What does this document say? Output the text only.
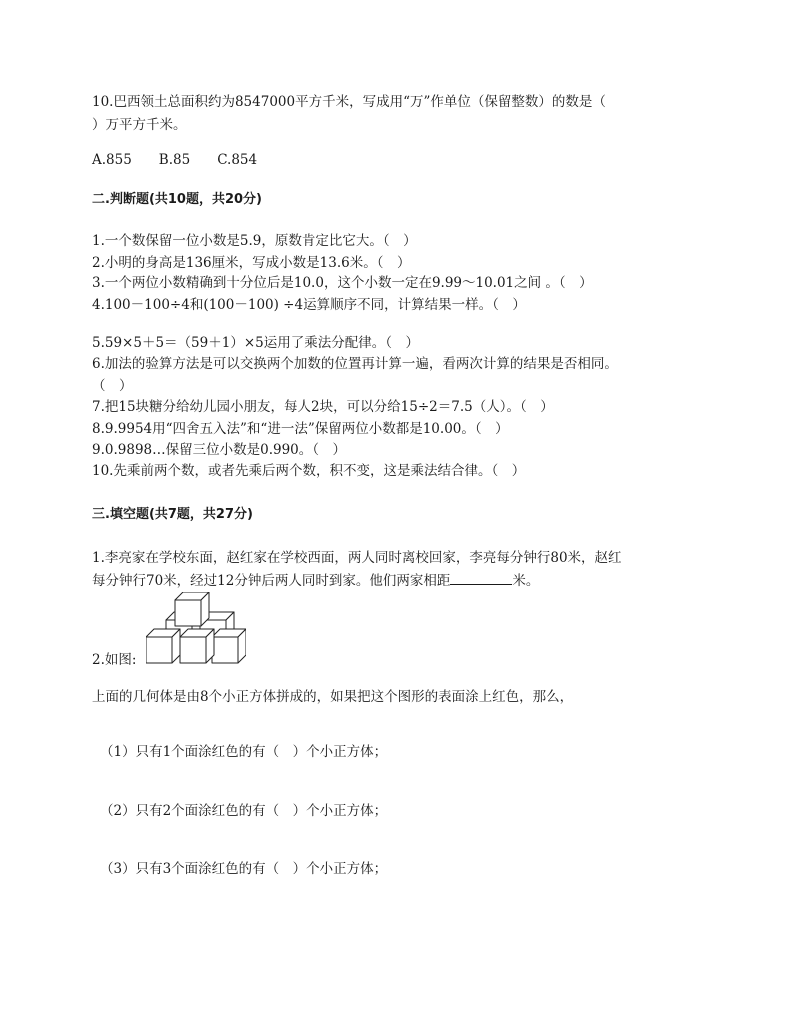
10.巴西领土总面积约为8547000平方千米，写成用“万”作单位（保留整数）的数是（
）万平方千米。
A.855　　B.85　　C.854
二.判断题(共10题，共20分)
1.一个数保留一位小数是5.9，原数肯定比它大。（　）
2.小明的身高是136厘米，写成小数是13.6米。（　）
3.一个两位小数精确到十分位后是10.0，这个小数一定在9.99～10.01之间 。（　）
4.100－100÷4和(100－100) ÷4运算顺序不同，计算结果一样。（　）
5.59×5＋5＝（59＋1）×5运用了乘法分配律。（　）
6.加法的验算方法是可以交换两个加数的位置再计算一遍，看两次计算的结果是否相同。
（　）
7.把15块糖分给幼儿园小朋友，每人2块，可以分给15÷2＝7.5（人）。（　）
8.9.9954用“四舍五入法”和“进一法”保留两位小数都是10.00。（　）
9.0.9898…保留三位小数是0.990。（　）
10.先乘前两个数，或者先乘后两个数，积不变，这是乘法结合律。（　）
三.填空题(共7题，共27分)
1.李亮家在学校东面，赵红家在学校西面，两人同时离校回家，李亮每分钟行80米，赵红
每分钟行70米，经过12分钟后两人同时到家。他们两家相距	米。
2.如图:
上面的几何体是由8个小正方体拼成的，如果把这个图形的表面涂上红色，那么，
（1）只有1个面涂红色的有（　）个小正方体；
（2）只有2个面涂红色的有（　）个小正方体；
（3）只有3个面涂红色的有（　）个小正方体；
